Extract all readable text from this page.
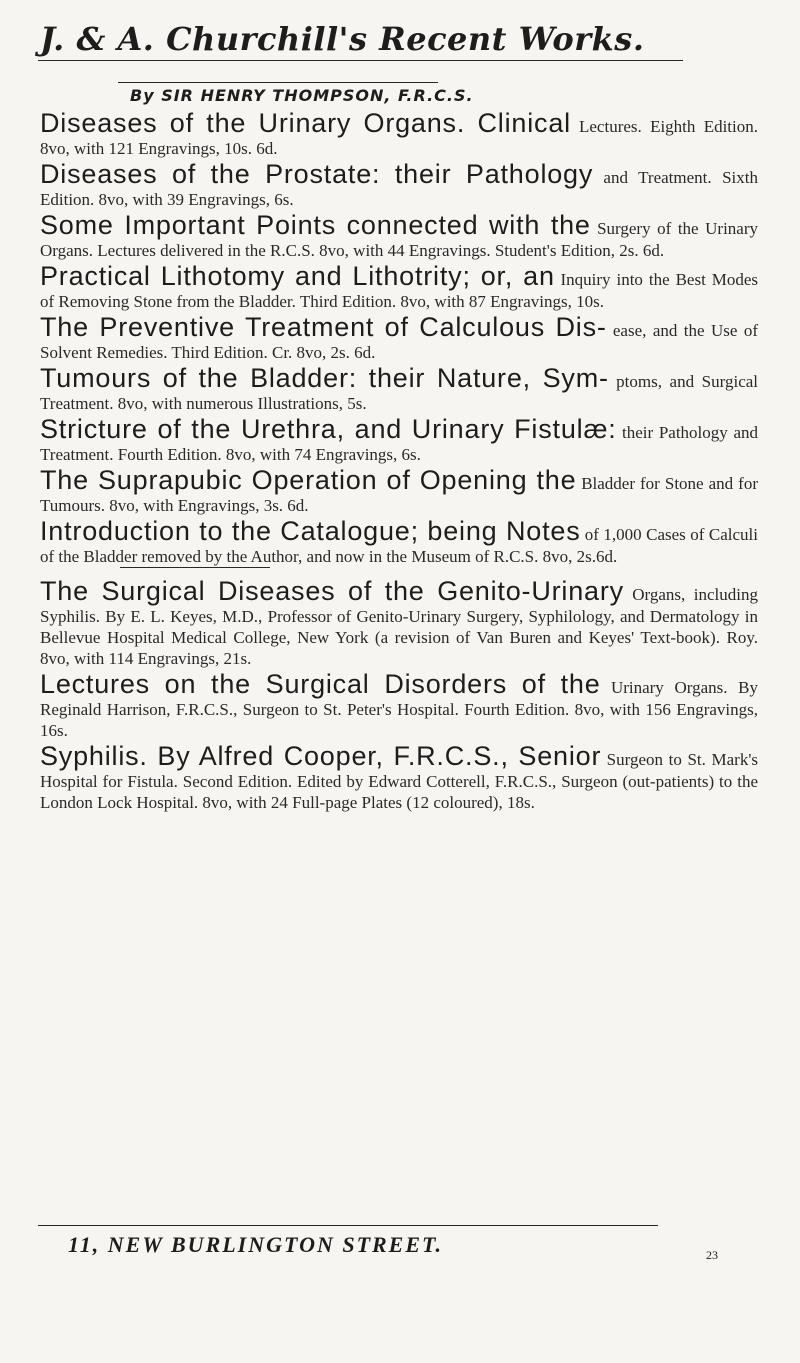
J. & A. Churchill's Recent Works.
By SIR HENRY THOMPSON, F.R.C.S.

Diseases of the Urinary Organs. Clinical Lectures. Eighth Edition. 8vo, with 121 Engravings, 10s. 6d.

Diseases of the Prostate: their Pathology and Treatment. Sixth Edition. 8vo, with 39 Engravings, 6s.

Some Important Points connected with the Surgery of the Urinary Organs. Lectures delivered in the R.C.S. 8vo, with 44 Engravings. Student's Edition, 2s. 6d.

Practical Lithotomy and Lithotrity; or, an Inquiry into the Best Modes of Removing Stone from the Bladder. Third Edition. 8vo, with 87 Engravings, 10s.

The Preventive Treatment of Calculous Dis- ease, and the Use of Solvent Remedies. Third Edition. Cr. 8vo, 2s. 6d.

Tumours of the Bladder: their Nature, Sym- ptoms, and Surgical Treatment. 8vo, with numerous Illustrations, 5s.

Stricture of the Urethra, and Urinary Fistulæ: their Pathology and Treatment. Fourth Edition. 8vo, with 74 Engravings, 6s.

The Suprapubic Operation of Opening the Bladder for Stone and for Tumours. 8vo, with Engravings, 3s. 6d.

Introduction to the Catalogue; being Notes of 1,000 Cases of Calculi of the Bladder removed by the Author, and now in the Museum of R.C.S. 8vo, 2s.6d.

The Surgical Diseases of the Genito-Urinary Organs, including Syphilis. By E. L. Keyes, M.D., Professor of Genito-Urinary Surgery, Syphilology, and Dermatology in Bellevue Hospital Medical College, New York (a revision of Van Buren and Keyes' Text-book). Roy. 8vo, with 114 Engravings, 21s.

Lectures on the Surgical Disorders of the Urinary Organs. By Reginald Harrison, F.R.C.S., Surgeon to St. Peter's Hospital. Fourth Edition. 8vo, with 156 Engravings, 16s.

Syphilis. By Alfred Cooper, F.R.C.S., Senior Surgeon to St. Mark's Hospital for Fistula. Second Edition. Edited by Edward Cotterell, F.R.C.S., Surgeon (out-patients) to the London Lock Hospital. 8vo, with 24 Full-page Plates (12 coloured), 18s.

11, NEW BURLINGTON STREET.	23
